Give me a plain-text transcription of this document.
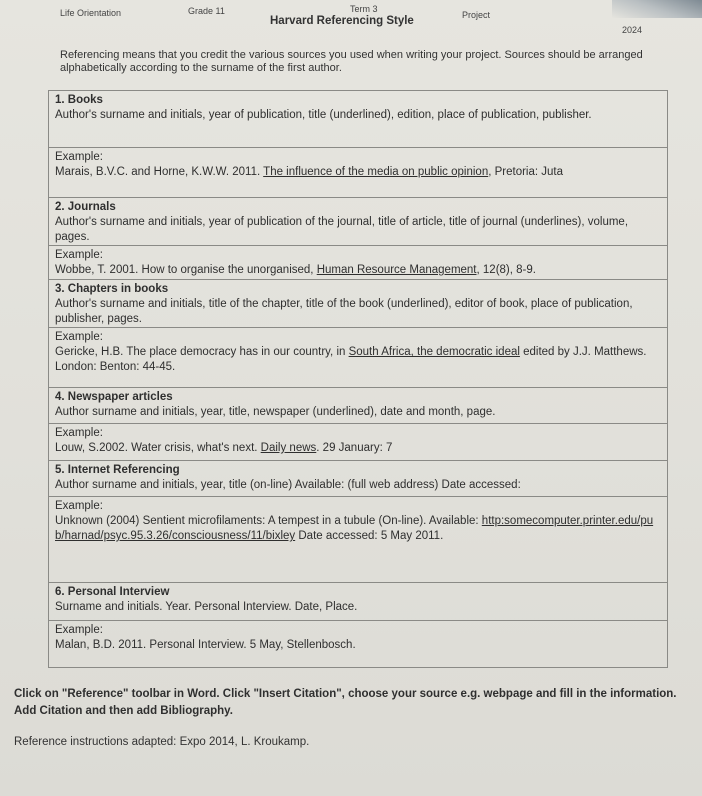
Life Orientation	Grade 11	Term 3
Project
2024
Harvard Referencing Style
Referencing means that you credit the various sources you used when writing your project. Sources should be arranged alphabetically according to the surname of the first author.
1. Books
Author's surname and initials, year of publication, title (underlined), edition, place of publication, publisher.
Example:
Marais, B.V.C. and Horne, K.W.W. 2011. The influence of the media on public opinion, Pretoria: Juta
2. Journals
Author's surname and initials, year of publication of the journal, title of article, title of journal (underlines), volume, pages.
Example:
Wobbe, T. 2001. How to organise the unorganised, Human Resource Management, 12(8), 8-9.
3. Chapters in books
Author's surname and initials, title of the chapter, title of the book (underlined), editor of book, place of publication, publisher, pages.
Example:
Gericke, H.B. The place democracy has in our country, in South Africa, the democratic ideal edited by J.J. Matthews. London: Benton: 44-45.
4. Newspaper articles
Author surname and initials, year, title, newspaper (underlined), date and month, page.
Example:
Louw, S.2002. Water crisis, what's next. Daily news. 29 January: 7
5. Internet Referencing
Author surname and initials, year, title (on-line) Available: (full web address) Date accessed:
Example:
Unknown (2004) Sentient microfilaments: A tempest in a tubule (On-line). Available: http:somecomputer.printer.edu/pub/harnad/psyc.95.3.26/consciousness/11/bixley Date accessed: 5 May 2011.
6. Personal Interview
Surname and initials. Year. Personal Interview. Date, Place.
Example:
Malan, B.D. 2011. Personal Interview. 5 May, Stellenbosch.
Click on "Reference" toolbar in Word. Click "Insert Citation", choose your source e.g. webpage and fill in the information. Add Citation and then add Bibliography.
Reference instructions adapted: Expo 2014, L. Kroukamp.
